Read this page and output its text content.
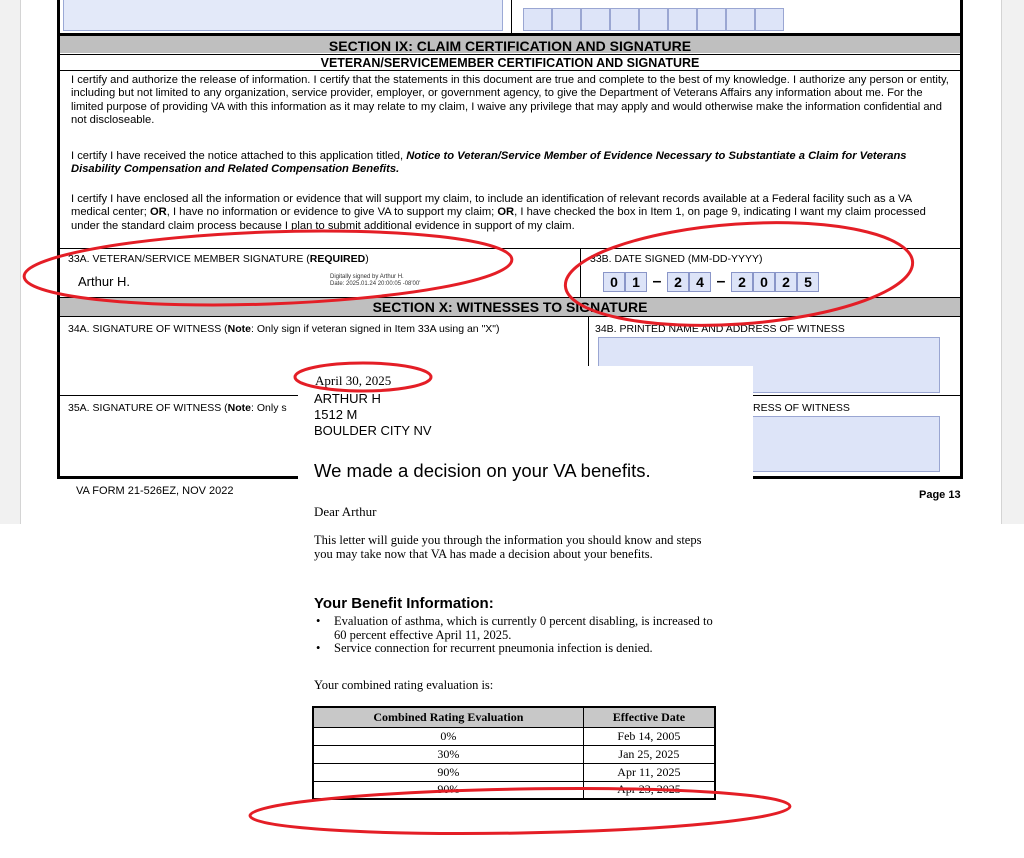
SECTION IX: CLAIM CERTIFICATION AND SIGNATURE
VETERAN/SERVICEMEMBER CERTIFICATION AND SIGNATURE

I certify and authorize the release of information. I certify that the statements in this document are true and complete to the best of my knowledge. I authorize any person or entity, including but not limited to any organization, service provider, employer, or government agency, to give the Department of Veterans Affairs any information about me. For the limited purpose of providing VA with this information as it may relate to my claim, I waive any privilege that may apply and would otherwise make the information confidential and not discloseable.

I certify I have received the notice attached to this application titled, Notice to Veteran/Service Member of Evidence Necessary to Substantiate a Claim for Veterans Disability Compensation and Related Compensation Benefits.

I certify I have enclosed all the information or evidence that will support my claim, to include an identification of relevant records available at a Federal facility such as a VA medical center; OR, I have no information or evidence to give VA to support my claim; OR, I have checked the box in Item 1, on page 9, indicating I want my claim processed under the standard claim process because I plan to submit additional evidence in support of my claim.

33A. VETERAN/SERVICE MEMBER SIGNATURE (REQUIRED)
Arthur H.	Digitally signed by Arthur H.
Date: 2025.01.24 20:00:05 -08'00'
33B. DATE SIGNED (MM-DD-YYYY)
0	1 – 2	4 – 2	0	2	5
SECTION X: WITNESSES TO SIGNATURE
34A. SIGNATURE OF WITNESS (Note: Only sign if veteran signed in Item 33A using an "X")	34B. PRINTED NAME AND ADDRESS OF WITNESS
35A. SIGNATURE OF WITNESS (Note: Only s	RESS OF WITNESS
VA FORM 21-526EZ, NOV 2022	Page 13
April 30, 2025
ARTHUR H
1512 M
BOULDER CITY NV
We made a decision on your VA benefits.
Dear Arthur

This letter will guide you through the information you should know and steps you may take now that VA has made a decision about your benefits.

Your Benefit Information:
• Evaluation of asthma, which is currently 0 percent disabling, is increased to 60 percent effective April 11, 2025.
• Service connection for recurrent pneumonia infection is denied.
Your combined rating evaluation is:
Combined Rating Evaluation	Effective Date
0%	Feb 14, 2005
30%	Jan 25, 2025
90%	Apr 11, 2025
90%	Apr 23, 2025
